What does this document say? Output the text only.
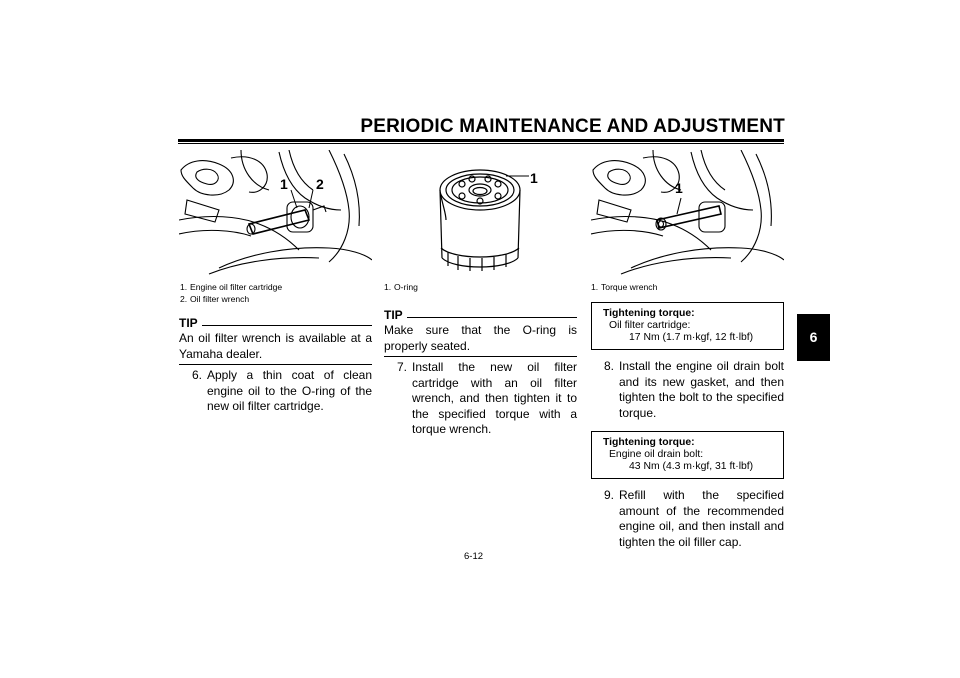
PERIODIC MAINTENANCE AND ADJUSTMENT
6
1 2	1
1
1. Engine oil filter cartridge
2. Oil filter wrench
1. O-ring	1. Torque wrench
TIP
An oil filter wrench is available at a Yamaha dealer.
6. Apply a thin coat of clean engine oil to the O-ring of the new oil filter cartridge.
TIP
Make sure that the O-ring is properly seated.
7. Install the new oil filter cartridge with an oil filter wrench, and then tighten it to the specified torque with a torque wrench.
Tightening torque:
Oil filter cartridge:
17 Nm (1.7 m·kgf, 12 ft·lbf)
8. Install the engine oil drain bolt and its new gasket, and then tighten the bolt to the specified torque.
Tightening torque:
Engine oil drain bolt:
43 Nm (4.3 m·kgf, 31 ft·lbf)
9. Refill with the specified amount of the recommended engine oil, and then install and tighten the oil filler cap.
6-12
